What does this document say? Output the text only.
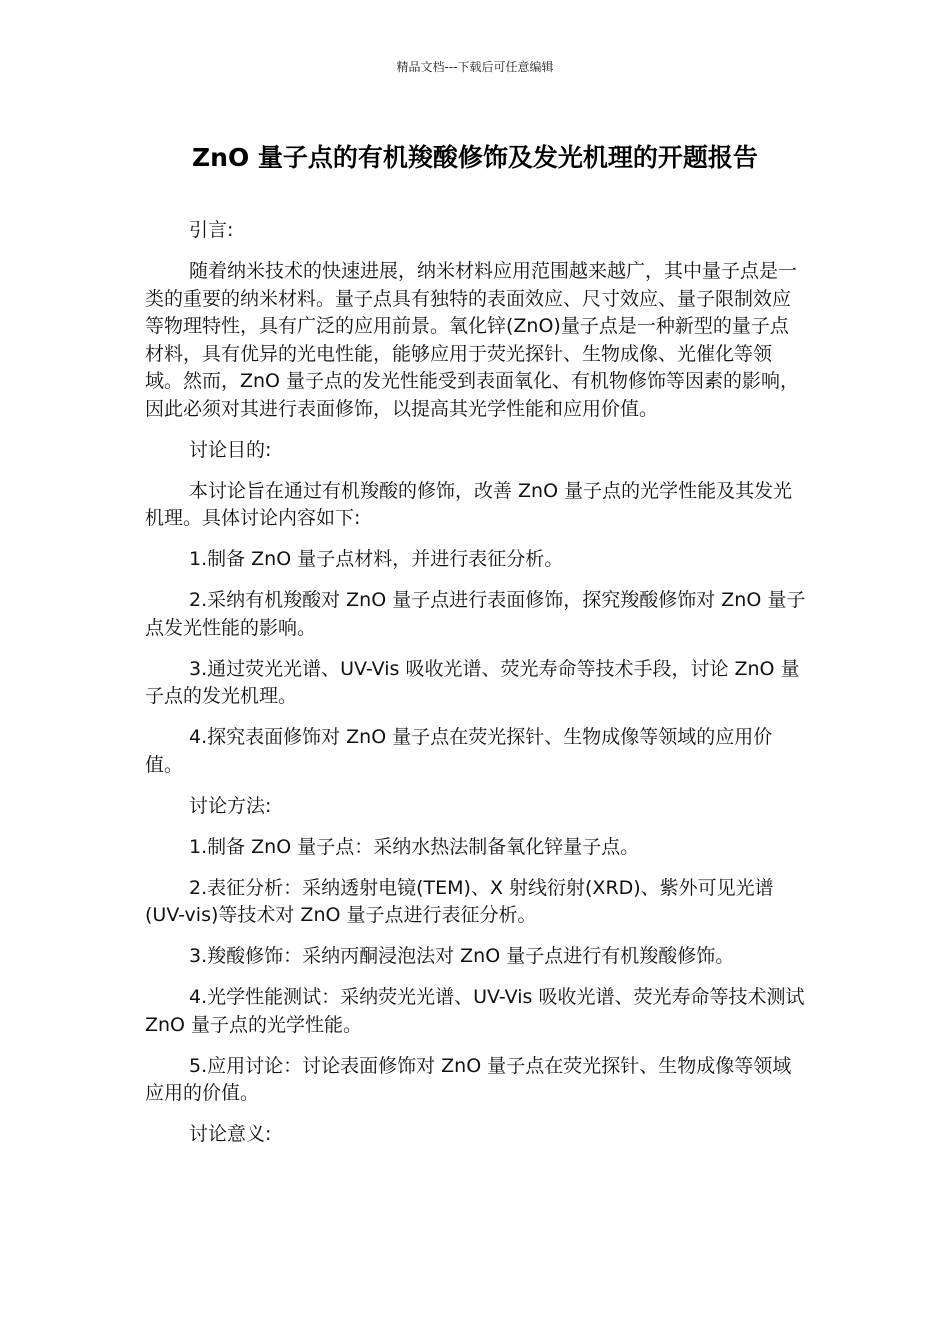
精品文档---下载后可任意编辑
ZnO 量子点的有机羧酸修饰及发光机理的开题报告

引言:

随着纳米技术的快速进展，纳米材料应用范围越来越广，其中量子点是一类的重要的纳米材料。量子点具有独特的表面效应、尺寸效应、量子限制效应等物理特性，具有广泛的应用前景。氧化锌(ZnO)量子点是一种新型的量子点材料，具有优异的光电性能，能够应用于荧光探针、生物成像、光催化等领域。然而，ZnO 量子点的发光性能受到表面氧化、有机物修饰等因素的影响，因此必须对其进行表面修饰，以提高其光学性能和应用价值。

讨论目的:

本讨论旨在通过有机羧酸的修饰，改善 ZnO 量子点的光学性能及其发光机理。具体讨论内容如下:

1.制备 ZnO 量子点材料，并进行表征分析。

2.采纳有机羧酸对 ZnO 量子点进行表面修饰，探究羧酸修饰对 ZnO 量子点发光性能的影响。

3.通过荧光光谱、UV-Vis 吸收光谱、荧光寿命等技术手段，讨论 ZnO 量子点的发光机理。

4.探究表面修饰对 ZnO 量子点在荧光探针、生物成像等领域的应用价值。

讨论方法:

1.制备 ZnO 量子点：采纳水热法制备氧化锌量子点。

2.表征分析：采纳透射电镜(TEM)、X 射线衍射(XRD)、紫外可见光谱(UV-vis)等技术对 ZnO 量子点进行表征分析。

3.羧酸修饰：采纳丙酮浸泡法对 ZnO 量子点进行有机羧酸修饰。

4.光学性能测试：采纳荧光光谱、UV-Vis 吸收光谱、荧光寿命等技术测试 ZnO 量子点的光学性能。

5.应用讨论：讨论表面修饰对 ZnO 量子点在荧光探针、生物成像等领域应用的价值。

讨论意义:
